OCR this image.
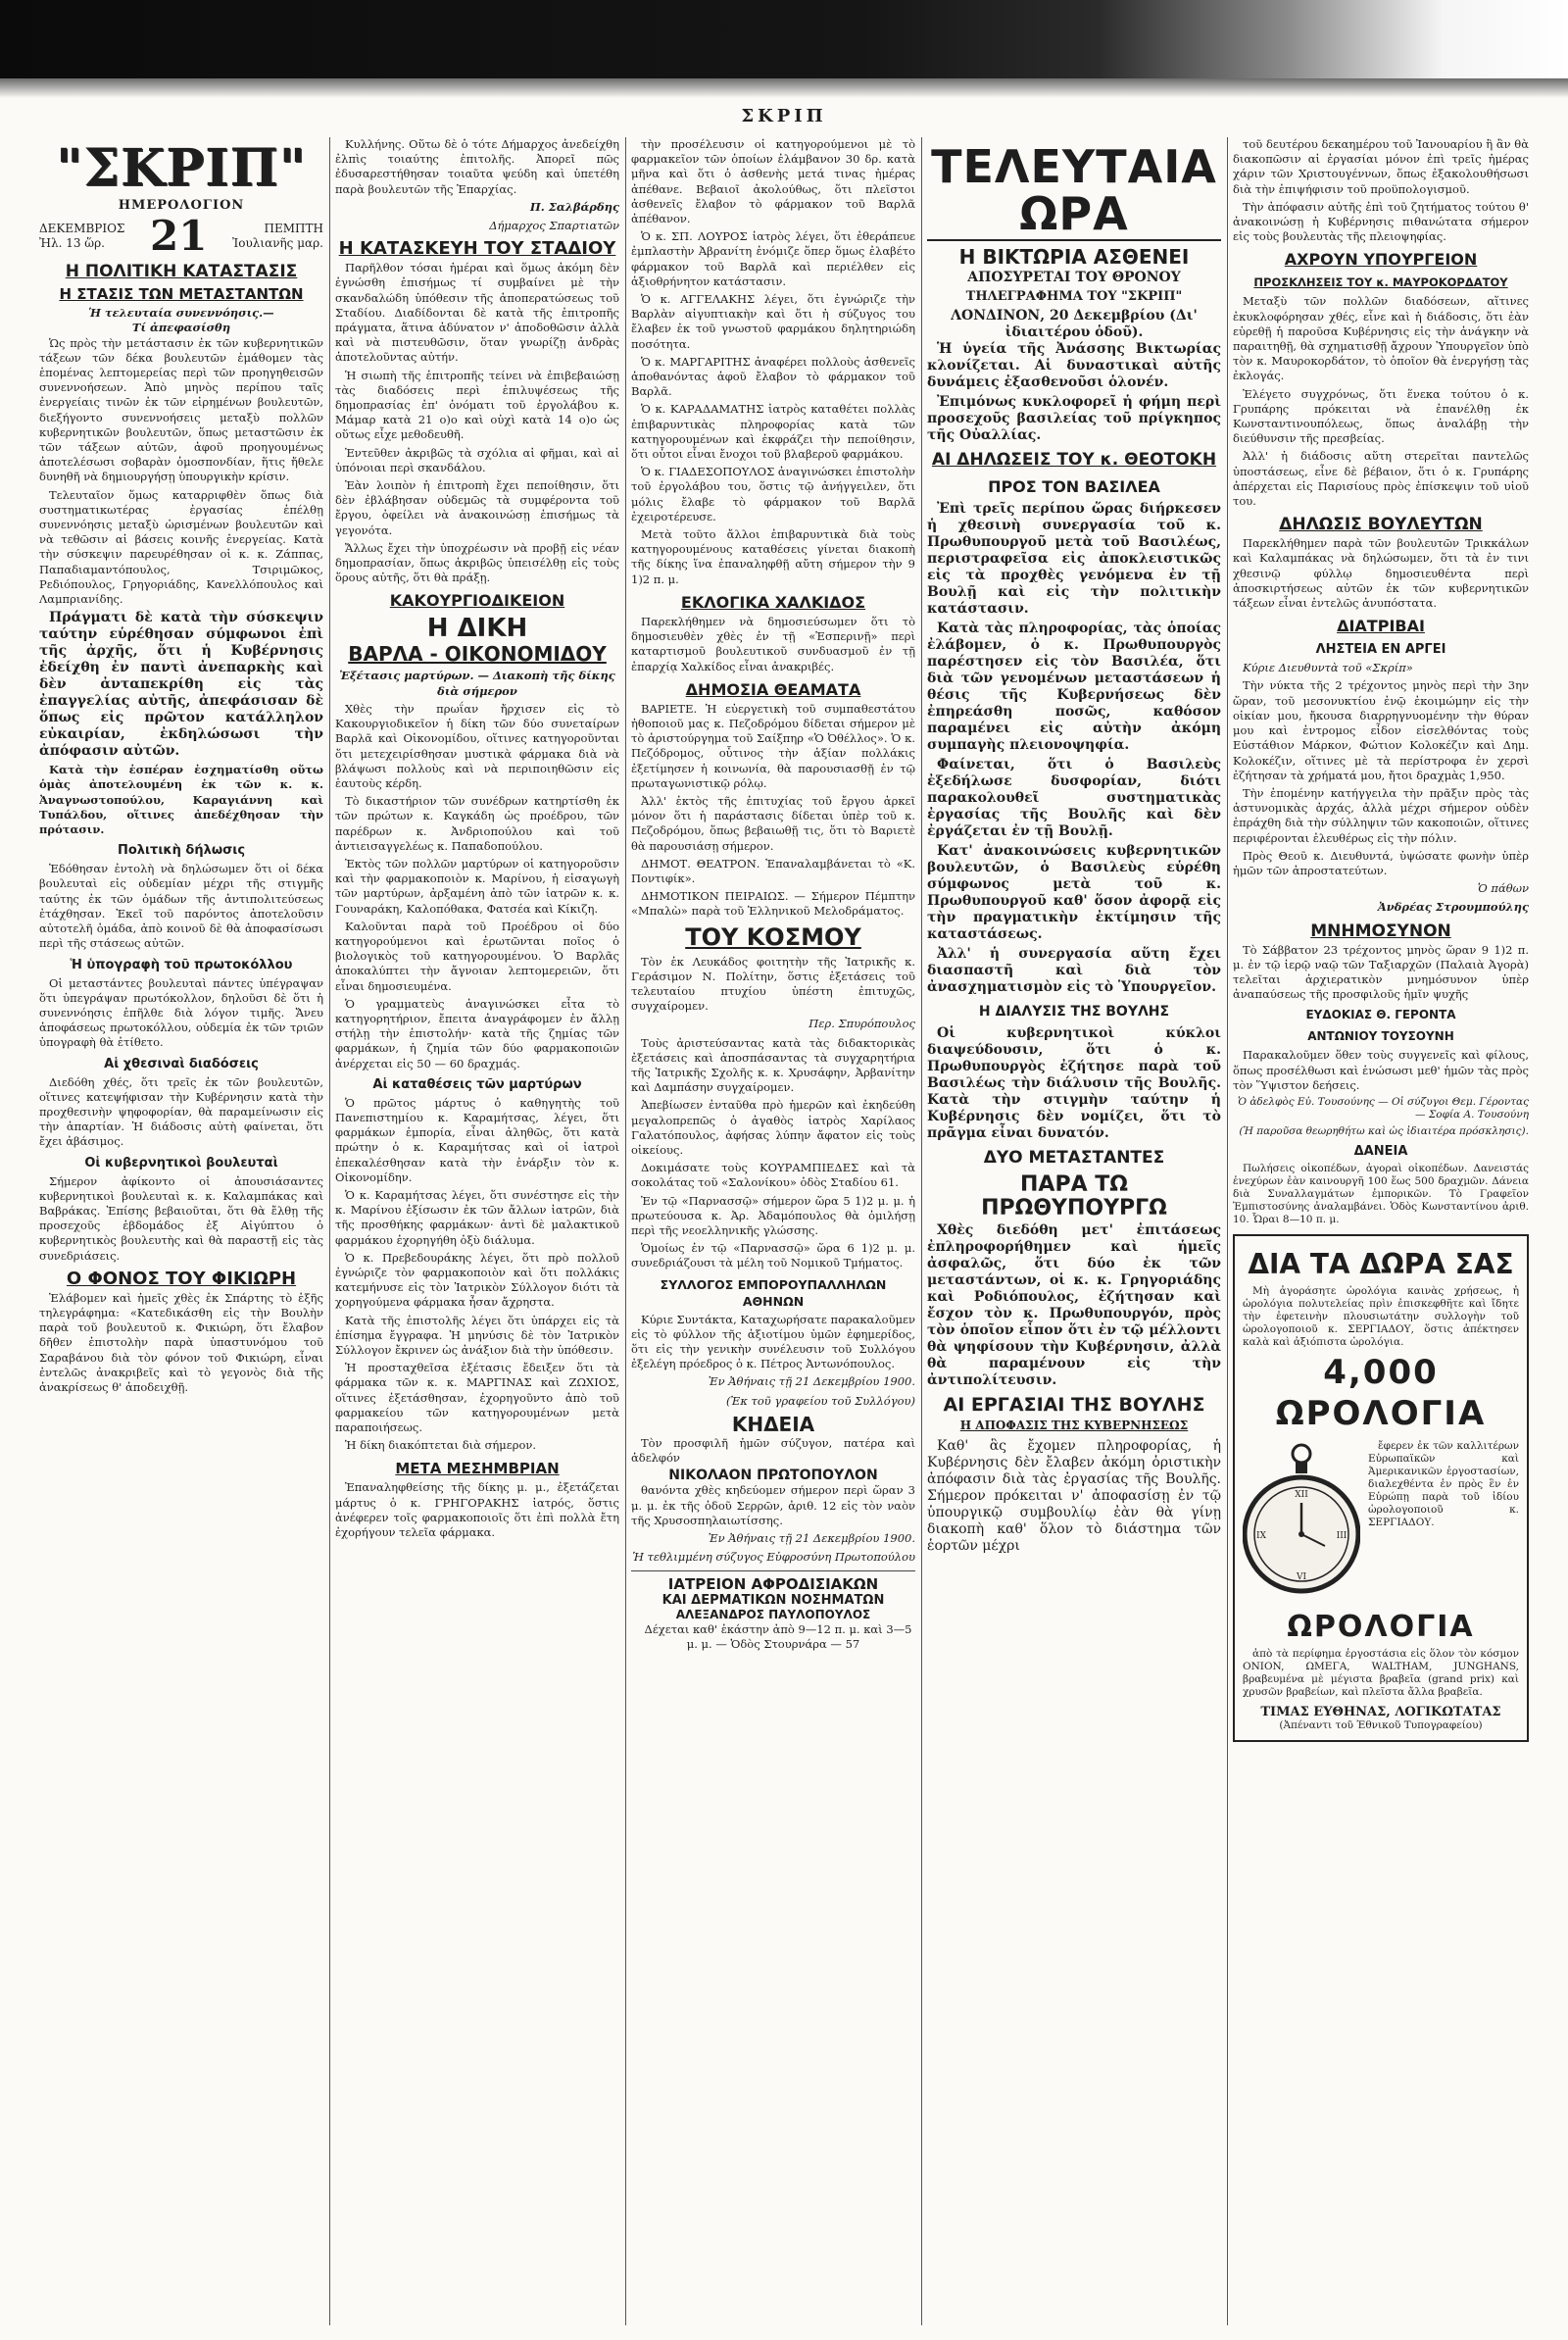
ΣΚΡΙΠ
"ΣΚΡΙΠ"
ΗΜΕΡΟΛΟΓΙΟΝ
ΔΕΚΕΜΒΡΙΟΣ
Ἠλ. 13 ὥρ.	21	ΠΕΜΠΤΗ
Ἰουλιανῆς μαρ.
Η ΠΟΛΙΤΙΚΗ ΚΑΤΑΣΤΑΣΙΣ
Η ΣΤΑΣΙΣ ΤΩΝ ΜΕΤΑΣΤΑΝΤΩΝ
Ἡ τελευταία συνεννόησις.—
Τί ἀπεφασίσθη

Ὡς πρὸς τὴν μετάστασιν ἐκ τῶν κυβερνητικῶν τάξεων τῶν δέκα βουλευτῶν ἐμάθομεν τὰς ἑπομένας λεπτομερείας περὶ τῶν προηγηθεισῶν συνεννοήσεων. Ἀπὸ μηνὸς περίπου ταῖς ἐνεργείαις τινῶν ἐκ τῶν εἰρημένων βουλευτῶν, διεξήγοντο συνεννοήσεις μεταξὺ πολλῶν κυβερνητικῶν βουλευτῶν, ὅπως μεταστῶσιν ἐκ τῶν τάξεων αὐτῶν, ἀφοῦ προηγουμένως ἀποτελέσωσι σοβαρὰν ὁμοσπονδίαν, ἥτις ἤθελε δυνηθῆ νὰ δημιουργήσῃ ὑπουργικὴν κρίσιν.

Τελευταῖον ὅμως καταρριφθὲν ὅπως διὰ συστηματικωτέρας ἐργασίας ἐπέλθῃ συνεννόησις μεταξὺ ὡρισμένων βουλευτῶν καὶ νὰ τεθῶσιν αἱ βάσεις κοινῆς ἐνεργείας. Κατὰ τὴν σύσκεψιν παρευρέθησαν οἱ κ. κ. Ζάππας, Παπαδιαμαντόπουλος, Τσιριμῶκος, Ρεδιόπουλος, Γρηγοριάδης, Κανελλόπουλος καὶ Λαμπριανίδης.

Πράγματι δὲ κατὰ τὴν σύσκεψιν ταύτην εὑρέθησαν σύμφωνοι ἐπὶ τῆς ἀρχῆς, ὅτι ἡ Κυβέρνησις ἐδείχθη ἐν παντὶ ἀνεπαρκὴς καὶ δὲν ἀνταπεκρίθη εἰς τὰς ἐπαγγελίας αὐτῆς, ἀπεφάσισαν δὲ ὅπως εἰς πρῶτον κατάλληλον εὐκαιρίαν, ἐκδηλώσωσι τὴν ἀπόφασιν αὐτῶν.

Κατὰ τὴν ἑσπέραν ἐσχηματίσθη οὕτω ὁμὰς ἀποτελουμένη ἐκ τῶν κ. κ. Ἀναγνωστοπούλου, Καραγιάννη καὶ Τυπάλδου, οἵτινες ἀπεδέχθησαν τὴν πρότασιν.

Πολιτικὴ δήλωσις

Ἐδόθησαν ἐντολὴ νὰ δηλώσωμεν ὅτι οἱ δέκα βουλευταὶ εἰς οὐδεμίαν μέχρι τῆς στιγμῆς ταύτης ἐκ τῶν ὁμάδων τῆς ἀντιπολιτεύσεως ἐτάχθησαν. Ἐκεῖ τοῦ παρόντος ἀποτελοῦσιν αὐτοτελῆ ὁμάδα, ἀπὸ κοινοῦ δὲ θὰ ἀποφασίσωσι περὶ τῆς στάσεως αὐτῶν.

Ἡ ὑπογραφὴ τοῦ πρωτοκόλλου

Οἱ μεταστάντες βουλευταὶ πάντες ὑπέγραψαν ὅτι ὑπεγράψαν πρωτόκολλον, δηλοῦσι δὲ ὅτι ἡ συνεννόησις ἐπῆλθε διὰ λόγον τιμῆς. Ἄνευ ἀποφάσεως πρωτοκόλλου, οὐδεμία ἐκ τῶν τριῶν ὑπογραφὴ θὰ ἐτίθετο.

Αἱ χθεσιναὶ διαδόσεις

Διεδόθη χθές, ὅτι τρεῖς ἐκ τῶν βουλευτῶν, οἵτινες κατεψήφισαν τὴν Κυβέρνησιν κατὰ τὴν προχθεσινὴν ψηφοφορίαν, θὰ παραμείνωσιν εἰς τὴν ἀπαρτίαν. Ἡ διάδοσις αὐτὴ φαίνεται, ὅτι ἔχει ἀβάσιμος.

Οἱ κυβερνητικοὶ βουλευταὶ

Σήμερον ἀφίκοντο οἱ ἀπουσιάσαντες κυβερνητικοὶ βουλευταὶ κ. κ. Καλαμπάκας καὶ Βαβράκας. Ἐπίσης βεβαιοῦται, ὅτι θὰ ἔλθῃ τῆς προσεχοῦς ἑβδομάδος ἐξ Αἰγύπτου ὁ κυβερνητικὸς βουλευτὴς καὶ θὰ παραστῇ εἰς τὰς συνεδριάσεις.

Ο ΦΟΝΟΣ ΤΟΥ ΦΙΚΙΩΡΗ

Ἐλάβομεν καὶ ἡμεῖς χθὲς ἐκ Σπάρτης τὸ ἑξῆς τηλεγράφημα: «Κατεδικάσθη εἰς τὴν Βουλὴν παρὰ τοῦ βουλευτοῦ κ. Φικιώρη, ὅτι ἔλαβον δῆθεν ἐπιστολὴν παρὰ ὑπαστυνόμου τοῦ Σαραβάνου διὰ τὸν φόνον τοῦ Φικιώρη, εἶναι ἐντελῶς ἀνακριβεῖς καὶ τὸ γεγονὸς διὰ τῆς ἀνακρίσεως θ' ἀποδειχθῇ.

Κυλλήνης. Οὕτω δὲ ὁ τότε Δήμαρχος ἀνεδείχθη ἐλπὶς τοιαύτης ἐπιτολῆς. Ἀπορεῖ πῶς ἐδυσαρεστήθησαν τοιαῦτα ψεύδη καὶ ὑπετέθη παρὰ βουλευτῶν τῆς Ἐπαρχίας.

Π. Σαλβάρδης
Δήμαρχος Σπαρτιατῶν
Η ΚΑΤΑΣΚΕΥΗ ΤΟΥ ΣΤΑΔΙΟΥ

Παρῆλθον τόσαι ἡμέραι καὶ ὅμως ἀκόμη δὲν ἐγνώσθη ἐπισήμως τί συμβαίνει μὲ τὴν σκανδαλώδη ὑπόθεσιν τῆς ἀποπερατώσεως τοῦ Σταδίου. Διαδίδονται δὲ κατὰ τῆς ἐπιτροπῆς πράγματα, ἅτινα ἀδύνατον ν' ἀποδοθῶσιν ἀλλὰ καὶ νὰ πιστευθῶσιν, ὅταν γνωρίζῃ ἀνδρὰς ἀποτελοῦντας αὐτήν.

Ἡ σιωπὴ τῆς ἐπιτροπῆς τείνει νὰ ἐπιβεβαιώσῃ τὰς διαδόσεις περὶ ἐπιλυψέσεως τῆς δημοπρασίας ἐπ' ὀνόματι τοῦ ἐργολάβου κ. Μάμαρ κατὰ 21 ο)ο καὶ οὐχὶ κατὰ 14 ο)ο ὡς οὕτως εἶχε μεθοδευθῆ.

Ἐντεῦθεν ἀκριβῶς τὰ σχόλια αἱ φῆμαι, καὶ αἱ ὑπόνοιαι περὶ σκανδάλου.

Ἐὰν λοιπὸν ἡ ἐπιτροπὴ ἔχει πεποίθησιν, ὅτι δὲν ἐβλάβησαν οὐδεμῶς τὰ συμφέροντα τοῦ ἔργου, ὀφείλει νὰ ἀνακοινώσῃ ἐπισήμως τὰ γεγονότα.

Ἄλλως ἔχει τὴν ὑποχρέωσιν νὰ προβῇ εἰς νέαν δημοπρασίαν, ὅπως ἀκριβῶς ὑπεισέλθῃ εἰς τοὺς ὅρους αὐτῆς, ὅτι θὰ πράξῃ.

ΚΑΚΟΥΡΓΙΟΔΙΚΕΙΟΝ
Η ΔΙΚΗ
ΒΑΡΛΑ - ΟΙΚΟΝΟΜΙΔΟΥ
Ἐξέτασις μαρτύρων. — Διακοπὴ τῆς δίκης διὰ σήμερον

Χθὲς τὴν πρωΐαν ἤρχισεν εἰς τὸ Κακουργιοδικεῖον ἡ δίκη τῶν δύο συνεταίρων Βαρλᾶ καὶ Οἰκονομίδου, οἵτινες κατηγοροῦνται ὅτι μετεχειρίσθησαν μυστικὰ φάρμακα διὰ νὰ βλάψωσι πολλοὺς καὶ νὰ περιποιηθῶσιν εἰς ἑαυτοὺς κέρδη.

Τὸ δικαστήριον τῶν συνέδρων κατηρτίσθη ἐκ τῶν πρώτων κ. Καγκάδη ὡς προέδρου, τῶν παρέδρων κ. Ἀνδριοπούλου καὶ τοῦ ἀντιεισαγγελέως κ. Παπαδοπούλου.

Ἐκτὸς τῶν πολλῶν μαρτύρων οἱ κατηγοροῦσιν καὶ τὴν φαρμακοποιὸν κ. Μαρίνου, ἡ εἰσαγωγὴ τῶν μαρτύρων, ἀρξαμένη ἀπὸ τῶν ἰατρῶν κ. κ. Γουναράκη, Καλοπόθακα, Φατσέα καὶ Κίκιζη.

Καλοῦνται παρὰ τοῦ Προέδρου οἱ δύο κατηγορούμενοι καὶ ἐρωτῶνται ποῖος ὁ βιολογικὸς τοῦ κατηγορουμένου. Ὁ Βαρλᾶς ἀποκαλύπτει τὴν ἄγνοιαν λεπτομερειῶν, ὅτι εἶναι δημοσιευμένα.

Ὁ γραμματεὺς ἀναγινώσκει εἶτα τὸ κατηγορητήριον, ἔπειτα ἀναγράφομεν ἐν ἄλλῃ στήλῃ τὴν ἐπιστολήν· κατὰ τῆς ζημίας τῶν φαρμάκων, ἡ ζημία τῶν δύο φαρμακοποιῶν ἀνέρχεται εἰς 50 — 60 δραχμάς.

Αἱ καταθέσεις τῶν μαρτύρων

Ὁ πρῶτος μάρτυς ὁ καθηγητὴς τοῦ Πανεπιστημίου κ. Καραμήτσας, λέγει, ὅτι φαρμάκων ἐμπορία, εἶναι ἀληθῶς, ὅτι κατὰ πρώτην ὁ κ. Καραμήτσας καὶ οἱ ἰατροὶ ἐπεκαλέσθησαν κατὰ τὴν ἐνάρξιν τὸν κ. Οἰκονομίδην.

Ὁ κ. Καραμήτσας λέγει, ὅτι συνέστησε εἰς τὴν κ. Μαρίνου ἐξίσωσιν ἐκ τῶν ἄλλων ἰατρῶν, διὰ τῆς προσθήκης φαρμάκων· ἀντὶ δὲ μαλακτικοῦ φαρμάκου ἐχορηγήθη ὀξὺ διάλυμα.

Ὁ κ. Πρεβεδουράκης λέγει, ὅτι πρὸ πολλοῦ ἐγνώριζε τὸν φαρμακοποιὸν καὶ ὅτι πολλάκις κατεμήνυσε εἰς τὸν Ἰατρικὸν Σύλλογον διότι τὰ χορηγούμενα φάρμακα ἦσαν ἄχρηστα.

Κατὰ τῆς ἐπιστολῆς λέγει ὅτι ὑπάρχει εἰς τὰ ἐπίσημα ἔγγραφα. Ἡ μηνύσις δὲ τὸν Ἰατρικὸν Σύλλογον ἔκρινεν ὡς ἀνάξιον διὰ τὴν ὑπόθεσιν.

Ἡ προσταχθεῖσα ἐξέτασις ἔδειξεν ὅτι τὰ φάρμακα τῶν κ. κ. ΜΑΡΓΙΝΑΣ καὶ ΖΩΧΙΟΣ, οἵτινες ἐξετάσθησαν, ἐχορηγοῦντο ἀπὸ τοῦ φαρμακείου τῶν κατηγορουμένων μετὰ παραποιήσεως.

Ἡ δίκη διακόπτεται διὰ σήμερον.

ΜΕΤΑ ΜΕΣΗΜΒΡΙΑΝ

Ἐπαναληφθείσης τῆς δίκης μ. μ., ἐξετάζεται μάρτυς ὁ κ. ΓΡΗΓΟΡΑΚΗΣ ἰατρός, ὅστις ἀνέφερεν τοῖς φαρμακοποιοῖς ὅτι ἐπὶ πολλὰ ἔτη ἐχορήγουν τελεῖα φάρμακα.

τὴν προσέλευσιν οἱ κατηγορούμενοι μὲ τὸ φαρμακεῖον τῶν ὁποίων ἐλάμβανον 30 δρ. κατὰ μῆνα καὶ ὅτι ὁ ἀσθενὴς μετά τινας ἡμέρας ἀπέθανε. Βεβαιοῖ ἀκολούθως, ὅτι πλεῖστοι ἀσθενεῖς ἔλαβον τὸ φάρμακον τοῦ Βαρλᾶ ἀπέθανον.

Ὁ κ. ΣΠ. ΛΟΥΡΟΣ ἰατρὸς λέγει, ὅτι ἐθεράπευε ἐμπλαστὴν Ἀβρανίτη ἐνόμιζε ὅπερ ὅμως ἐλαβέτο φάρμακον τοῦ Βαρλᾶ καὶ περιέλθεν εἰς ἀξιοθρήνητον κατάστασιν.

Ὁ κ. ΑΓΓΕΛΑΚΗΣ λέγει, ὅτι ἐγνώριζε τὴν Βαρλὰν αἰγυπτιακὴν καὶ ὅτι ἡ σύζυγος του ἔλαβεν ἐκ τοῦ γνωστοῦ φαρμάκου δηλητηριώδη ποσότητα.

Ὁ κ. ΜΑΡΓΑΡΙΤΗΣ ἀναφέρει πολλοὺς ἀσθενεῖς ἀποθανόντας ἀφοῦ ἔλαβον τὸ φάρμακον τοῦ Βαρλᾶ.

Ὁ κ. ΚΑΡΑΔΑΜΑΤΗΣ ἰατρὸς καταθέτει πολλὰς ἐπιβαρυντικὰς πληροφορίας κατὰ τῶν κατηγορουμένων καὶ ἐκφράζει τὴν πεποίθησιν, ὅτι οὗτοι εἶναι ἔνοχοι τοῦ βλαβεροῦ φαρμάκου.

Ὁ κ. ΓΙΑΔΕΣΟΠΟΥΛΟΣ ἀναγινώσκει ἐπιστολὴν τοῦ ἐργολάβου του, ὅστις τῷ ἀνήγγειλεν, ὅτι μόλις ἔλαβε τὸ φάρμακον τοῦ Βαρλᾶ ἐχειροτέρευσε.

Μετὰ τοῦτο ἄλλοι ἐπιβαρυντικὰ διὰ τοὺς κατηγορουμένους καταθέσεις γίνεται διακοπὴ τῆς δίκης ἵνα ἐπαναληφθῇ αὔτη σήμερον τὴν 9 1)2 π. μ.

ΕΚΛΟΓΙΚΑ ΧΑΛΚΙΔΟΣ

Παρεκλήθημεν νὰ δημοσιεύσωμεν ὅτι τὸ δημοσιευθὲν χθὲς ἐν τῇ «Ἑσπερινῇ» περὶ καταρτισμοῦ βουλευτικοῦ συνδυασμοῦ ἐν τῇ ἐπαρχίᾳ Χαλκίδος εἶναι ἀνακριβές.

ΔΗΜΟΣΙΑ ΘΕΑΜΑΤΑ

ΒΑΡΙΕΤΕ. Ἡ εὐεργετικὴ τοῦ συμπαθεστάτου ἠθοποιοῦ μας κ. Πεζοδρόμου δίδεται σήμερον μὲ τὸ ἀριστούργημα τοῦ Σαίξπηρ «Ὁ Ὀθέλλος». Ὁ κ. Πεζόδρομος, οὗτινος τὴν ἀξίαν πολλάκις ἐξετίμησεν ἡ κοινωνία, θὰ παρουσιασθῇ ἐν τῷ πρωταγωνιστικῷ ρόλῳ.

Ἀλλ' ἐκτὸς τῆς ἐπιτυχίας τοῦ ἔργου ἀρκεῖ μόνον ὅτι ἡ παράστασις δίδεται ὑπὲρ τοῦ κ. Πεζοδρόμου, ὅπως βεβαιωθῇ τις, ὅτι τὸ Βαριετὲ θὰ παρουσιάσῃ σήμερον.

ΔΗΜΟΤ. ΘΕΑΤΡΟΝ. Ἐπαναλαμβάνεται τὸ «Κ. Ποντιφίκ».

ΔΗΜΟΤΙΚΟΝ ΠΕΙΡΑΙΩΣ. — Σήμερον Πέμπτην «Μπαλὼ» παρὰ τοῦ Ἑλληνικοῦ Μελοδράματος.

ΤΟΥ ΚΟΣΜΟΥ

Τὸν ἐκ Λευκάδος φοιτητὴν τῆς Ἰατρικῆς κ. Γεράσιμον Ν. Πολίτην, ὅστις ἐξετάσεις τοῦ τελευταίου πτυχίου ὑπέστη ἐπιτυχῶς, συγχαίρομεν.

Περ. Σπυρόπουλος

Τοὺς ἀριστεύσαντας κατὰ τὰς διδακτορικὰς ἐξετάσεις καὶ ἀποσπάσαντας τὰ συγχαρητήρια τῆς Ἰατρικῆς Σχολῆς κ. κ. Χρυσάφην, Ἀρβανίτην καὶ Δαμπάσην συγχαίρομεν.

Ἀπεβίωσεν ἐνταῦθα πρὸ ἡμερῶν καὶ ἐκηδεύθη μεγαλοπρεπῶς ὁ ἀγαθὸς ἰατρὸς Χαρίλαος Γαλατόπουλος, ἀφήσας λύπην ἄφατον εἰς τοὺς οἰκείους.

Δοκιμάσατε τοὺς ΚΟΥΡΑΜΠΙΕΔΕΣ καὶ τὰ σοκολάτας τοῦ «Σαλονίκου» ὁδὸς Σταδίου 61.

Ἐν τῷ «Παρνασσῷ» σήμερον ὥρα 5 1)2 μ. μ. ἡ πρωτεύουσα κ. Ἀρ. Ἀδαμόπουλος θὰ ὁμιλήσῃ περὶ τῆς νεοελληνικῆς γλώσσης.

Ὁμοίως ἐν τῷ «Παρνασσῷ» ὥρα 6 1)2 μ. μ. συνεδριάζουσι τὰ μέλη τοῦ Νομικοῦ Τμήματος.

ΣΥΛΛΟΓΟΣ ΕΜΠΟΡΟΥΠΑΛΛΗΛΩΝ ΑΘΗΝΩΝ

Κύριε Συντάκτα, Καταχωρήσατε παρακαλοῦμεν εἰς τὸ φύλλον τῆς ἀξιοτίμου ὑμῶν ἐφημερίδος, ὅτι εἰς τὴν γενικὴν συνέλευσιν τοῦ Συλλόγου ἐξελέγη πρόεδρος ὁ κ. Πέτρος Ἀντωνόπουλος.

Ἐν Ἀθήναις τῇ 21 Δεκεμβρίου 1900.
(Ἐκ τοῦ γραφείου τοῦ Συλλόγου)
ΚΗΔΕΙΑ

Τὸν προσφιλῆ ἡμῶν σύζυγον, πατέρα καὶ ἀδελφόν

ΝΙΚΟΛΑΟΝ ΠΡΩΤΟΠΟΥΛΟΝ

θανόντα χθὲς κηδεύομεν σήμερον περὶ ὥραν 3 μ. μ. ἐκ τῆς ὁδοῦ Σερρῶν, ἀριθ. 12 εἰς τὸν ναὸν τῆς Χρυσοσπηλαιωτίσσης.

Ἐν Ἀθήναις τῇ 21 Δεκεμβρίου 1900.
Ἡ τεθλιμμένη σύζυγος Εὐφροσύνη Πρωτοπούλου
ΙΑΤΡΕΙΟΝ ΑΦΡΟΔΙΣΙΑΚΩΝ
ΚΑΙ ΔΕΡΜΑΤΙΚΩΝ ΝΟΣΗΜΑΤΩΝ
ΑΛΕΞΑΝΔΡΟΣ ΠΑΥΛΟΠΟΥΛΟΣ

Δέχεται καθ' ἑκάστην ἀπὸ 9—12 π. μ. καὶ 3—5 μ. μ. — Ὁδὸς Στουρνάρα — 57

ΤΕΛΕΥΤΑΙΑ ΩΡΑ
Η ΒΙΚΤΩΡΙΑ ΑΣΘΕΝΕΙ
ΑΠΟΣΥΡΕΤΑΙ ΤΟΥ ΘΡΟΝΟΥ
ΤΗΛΕΓΡΑΦΗΜΑ ΤΟΥ "ΣΚΡΙΠ"
ΛΟΝΔΙΝΟΝ, 20 Δεκεμβρίου (Δι' ἰδιαιτέρου ὁδοῦ).

Ἡ ὑγεία τῆς Ἀνάσσης Βικτωρίας κλονίζεται. Αἱ δυναστικαὶ αὐτῆς δυνάμεις ἐξασθενοῦσι ὁλονέν.

Ἐπιμόνως κυκλοφορεῖ ἡ φήμη περὶ προσεχοῦς βασιλείας τοῦ πρίγκηπος τῆς Οὐαλλίας.

ΑΙ ΔΗΛΩΣΕΙΣ ΤΟΥ κ. ΘΕΟΤΟΚΗ
ΠΡΟΣ ΤΟΝ ΒΑΣΙΛΕΑ

Ἐπὶ τρεῖς περίπου ὥρας διήρκεσεν ἡ χθεσινὴ συνεργασία τοῦ κ. Πρωθυπουργοῦ μετὰ τοῦ Βασιλέως, περιστραφεῖσα εἰς ἀποκλειστικῶς εἰς τὰ προχθὲς γενόμενα ἐν τῇ Βουλῇ καὶ εἰς τὴν πολιτικὴν κατάστασιν.

Κατὰ τὰς πληροφορίας, τὰς ὁποίας ἐλάβομεν, ὁ κ. Πρωθυπουργὸς παρέστησεν εἰς τὸν Βασιλέα, ὅτι διὰ τῶν γενομένων μεταστάσεων ἡ θέσις τῆς Κυβερνήσεως δὲν ἐπηρεάσθη ποσῶς, καθόσον παραμένει εἰς αὐτὴν ἀκόμη συμπαγὴς πλειονοψηφία.

Φαίνεται, ὅτι ὁ Βασιλεὺς ἐξεδήλωσε δυσφορίαν, διότι παρακολουθεῖ συστηματικὰς ἐργασίας τῆς Βουλῆς καὶ δὲν ἐργάζεται ἐν τῇ Βουλῇ.

Κατ' ἀνακοινώσεις κυβερνητικῶν βουλευτῶν, ὁ Βασιλεὺς εὑρέθη σύμφωνος μετὰ τοῦ κ. Πρωθυπουργοῦ καθ' ὅσον ἀφορᾷ εἰς τὴν πραγματικὴν ἐκτίμησιν τῆς καταστάσεως.

Ἀλλ' ἡ συνεργασία αὕτη ἔχει διασπαστῆ καὶ διὰ τὸν ἀνασχηματισμὸν εἰς τὸ Ὑπουργεῖον.

Η ΔΙΑΛΥΣΙΣ ΤΗΣ ΒΟΥΛΗΣ

Οἱ κυβερνητικοὶ κύκλοι διαψεύδουσιν, ὅτι ὁ κ. Πρωθυπουργὸς ἐζήτησε παρὰ τοῦ Βασιλέως τὴν διάλυσιν τῆς Βουλῆς. Κατὰ τὴν στιγμὴν ταύτην ἡ Κυβέρνησις δὲν νομίζει, ὅτι τὸ πρᾶγμα εἶναι δυνατόν.

ΔΥΟ ΜΕΤΑΣΤΑΝΤΕΣ
ΠΑΡΑ ΤΩ ΠΡΩΘΥΠΟΥΡΓΩ

Χθὲς διεδόθη μετ' ἐπιτάσεως ἐπληροφορήθημεν καὶ ἡμεῖς ἀσφαλῶς, ὅτι δύο ἐκ τῶν μεταστάντων, οἱ κ. κ. Γρηγοριάδης καὶ Ροδιόπουλος, ἐζήτησαν καὶ ἔσχον τὸν κ. Πρωθυπουργόν, πρὸς τὸν ὁποῖον εἶπον ὅτι ἐν τῷ μέλλοντι θὰ ψηφίσουν τὴν Κυβέρνησιν, ἀλλὰ θὰ παραμένουν εἰς τὴν ἀντιπολίτευσιν.

ΑΙ ΕΡΓΑΣΙΑΙ ΤΗΣ ΒΟΥΛΗΣ
Η ΑΠΟΦΑΣΙΣ ΤΗΣ ΚΥΒΕΡΝΗΣΕΩΣ

Καθ' ἃς ἔχομεν πληροφορίας, ἡ Κυβέρνησις δὲν ἔλαβεν ἀκόμη ὁριστικὴν ἀπόφασιν διὰ τὰς ἐργασίας τῆς Βουλῆς. Σήμερον πρόκειται ν' ἀποφασίσῃ ἐν τῷ ὑπουργικῷ συμβουλίῳ ἐὰν θὰ γίνῃ διακοπὴ καθ' ὅλον τὸ διάστημα τῶν ἑορτῶν μέχρι

τοῦ δευτέρου δεκαημέρου τοῦ Ἰανουαρίου ἢ ἂν θὰ διακοπῶσιν αἱ ἐργασίαι μόνον ἐπὶ τρεῖς ἡμέρας χάριν τῶν Χριστουγέννων, ὅπως ἐξακολουθήσωσι διὰ τὴν ἐπιψήφισιν τοῦ προϋπολογισμοῦ.

Τὴν ἀπόφασιν αὐτῆς ἐπὶ τοῦ ζητήματος τούτου θ' ἀνακοινώσῃ ἡ Κυβέρνησις πιθανώτατα σήμερον εἰς τοὺς βουλευτὰς τῆς πλειοψηφίας.

ΑΧΡΟΥΝ ΥΠΟΥΡΓΕΙΟΝ
ΠΡΟΣΚΛΗΣΕΙΣ ΤΟΥ κ. ΜΑΥΡΟΚΟΡΔΑΤΟΥ

Μεταξὺ τῶν πολλῶν διαδόσεων, αἵτινες ἐκυκλοφόρησαν χθές, εἶνε καὶ ἡ διάδοσις, ὅτι ἐὰν εὑρεθῇ ἡ παροῦσα Κυβέρνησις εἰς τὴν ἀνάγκην νὰ παραιτηθῇ, θὰ σχηματισθῇ ἄχρουν Ὑπουργεῖον ὑπὸ τὸν κ. Μαυροκορδάτον, τὸ ὁποῖον θὰ ἐνεργήσῃ τὰς ἐκλογάς.

Ἐλέγετο συγχρόνως, ὅτι ἕνεκα τούτου ὁ κ. Γρυπάρης πρόκειται νὰ ἐπανέλθῃ ἐκ Κωνσταντινουπόλεως, ὅπως ἀναλάβῃ τὴν διεύθυνσιν τῆς πρεσβείας.

Ἀλλ' ἡ διάδοσις αὕτη στερεῖται παντελῶς ὑποστάσεως, εἶνε δὲ βέβαιον, ὅτι ὁ κ. Γρυπάρης ἀπέρχεται εἰς Παρισίους πρὸς ἐπίσκεψιν τοῦ υἱοῦ του.

ΔΗΛΩΣΙΣ ΒΟΥΛΕΥΤΩΝ

Παρεκλήθημεν παρὰ τῶν βουλευτῶν Τρικκάλων καὶ Καλαμπάκας νὰ δηλώσωμεν, ὅτι τὰ ἐν τινι χθεσινῷ φύλλῳ δημοσιευθέντα περὶ ἀποσκιρτήσεως αὐτῶν ἐκ τῶν κυβερνητικῶν τάξεων εἶναι ἐντελῶς ἀνυπόστατα.

ΔΙΑΤΡΙΒΑΙ
ΛΗΣΤΕΙΑ ΕΝ ΑΡΓΕΙ

Κύριε Διευθυντὰ τοῦ «Σκρίπ»

Τὴν νύκτα τῆς 2 τρέχοντος μηνὸς περὶ τὴν 3ην ὥραν, τοῦ μεσονυκτίου ἐνῷ ἐκοιμώμην εἰς τὴν οἰκίαν μου, ἤκουσα διαρρηγνυομένην τὴν θύραν μου καὶ ἐντρομος εἶδον εἰσελθόντας τοὺς Εὐστάθιον Μάρκον, Φώτιον Κολοκέζιν καὶ Δημ. Κολοκέζιν, οἵτινες μὲ τὰ περίστροφα ἐν χερσὶ ἐζήτησαν τὰ χρήματά μου, ἤτοι δραχμὰς 1,950.

Τὴν ἐπομένην κατήγγειλα τὴν πρᾶξιν πρὸς τὰς ἀστυνομικὰς ἀρχάς, ἀλλὰ μέχρι σήμερον οὐδὲν ἐπράχθη διὰ τὴν σύλληψιν τῶν κακοποιῶν, οἵτινες περιφέρονται ἐλευθέρως εἰς τὴν πόλιν.

Πρὸς Θεοῦ κ. Διευθυντά, ὑψώσατε φωνὴν ὑπὲρ ἡμῶν τῶν ἀπροστατεύτων.

Ὁ πάθων
Ἀνδρέας Στρουμπούλης
ΜΝΗΜΟΣΥΝΟΝ

Τὸ Σάββατον 23 τρέχοντος μηνὸς ὥραν 9 1)2 π. μ. ἐν τῷ ἱερῷ ναῷ τῶν Ταξιαρχῶν (Παλαιὰ Ἀγορὰ) τελεῖται ἀρχιερατικὸν μνημόσυνον ὑπὲρ ἀναπαύσεως τῆς προσφιλοῦς ἡμῖν ψυχῆς

ΕΥΔΟΚΙΑΣ Θ. ΓΕΡΟΝΤΑ
ΑΝΤΩΝΙΟΥ ΤΟΥΣΟΥΝΗ

Παρακαλοῦμεν ὅθεν τοὺς συγγενεῖς καὶ φίλους, ὅπως προσέλθωσι καὶ ἑνώσωσι μεθ' ἡμῶν τὰς πρὸς τὸν Ὕψιστον δεήσεις.

Ὁ ἀδελφὸς Εὐ. Τουσούνης — Οἱ σύζυγοι Θεμ. Γέροντας — Σοφία Α. Τουσούνη
(Ἡ παροῦσα θεωρηθήτω καὶ ὡς ἰδιαιτέρα πρόσκλησις).
ΔΑΝΕΙΑ

Πωλήσεις οἰκοπέδων, ἀγοραὶ οἰκοπέδων. Δανειστάς ἐνεχύρων ἐὰν καινουργῆ 100 ἕως 500 δραχμῶν. Δάνεια διὰ Συναλλαγμάτων ἐμπορικῶν. Τὸ Γραφεῖον Ἐμπιστοσύνης ἀναλαμβάνει. Ὁδὸς Κωνσταντίνου ἀριθ. 10. Ὧραι 8—10 π. μ.

ΔΙΑ ΤΑ ΔΩΡΑ ΣΑΣ

Μὴ ἀγοράσητε ὡρολόγια καινὰς χρήσεως, ἡ ὡρολόγια πολυτελείας πρὶν ἐπισκεφθῆτε καὶ ἴδητε τὴν ἐφετεινὴν πλουσιωτάτην συλλογὴν τοῦ ὡρολογοποιοῦ κ. ΣΕΡΓΙΑΔΟΥ, ὅστις ἀπέκτησεν καλὰ καὶ ἀξιόπιστα ὡρολόγια.

4,000 ΩΡΟΛΟΓΙΑ
XII
VI
III
IX

ἔφερεν ἐκ τῶν καλλιτέρων Εὐρωπαϊκῶν καὶ Ἀμερικανικῶν ἐργοστασίων, διαλεχθέντα ἐν πρὸς ἓν ἐν Εὐρώπῃ παρὰ τοῦ ἰδίου ὡρολογοποιοῦ κ. ΣΕΡΓΙΑΔΟΥ.

ΩΡΟΛΟΓΙΑ

ἀπὸ τὰ περίφημα ἐργοστάσια εἰς ὅλον τὸν κόσμον ONION, ΩΜΕΓΑ, WALTHAM, JUNGHANS, βραβευμένα μὲ μέγιστα βραβεῖα (grand prix) καὶ χρυσῶν βραβείων, καὶ πλεῖστα ἄλλα βραβεῖα.

ΤΙΜΑΣ ΕΥΘΗΝΑΣ, ΛΟΓΙΚΩΤΑΤΑΣ
(Ἀπέναντι τοῦ Ἐθνικοῦ Τυπογραφείου)
